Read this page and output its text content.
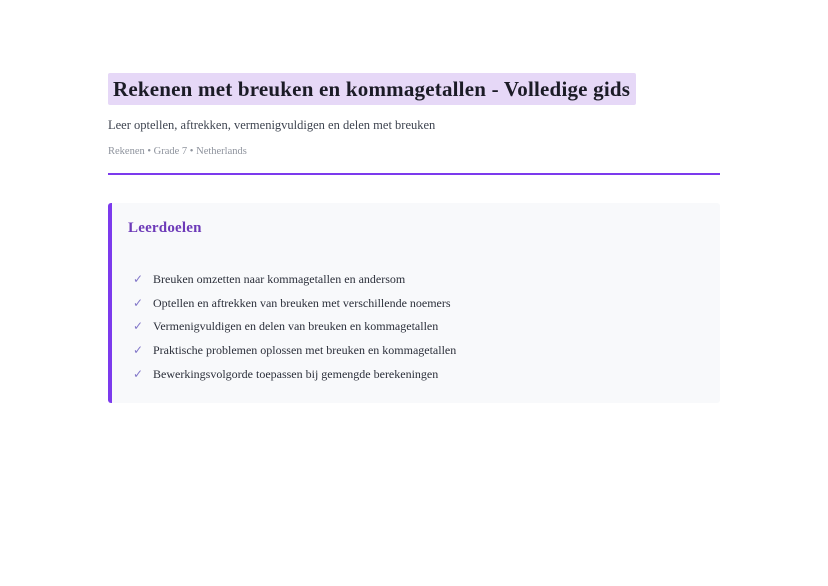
Rekenen met breuken en kommagetallen - Volledige gids

Leer optellen, aftrekken, vermenigvuldigen en delen met breuken

Rekenen • Grade 7 • Netherlands

Leerdoelen
✓ Breuken omzetten naar kommagetallen en andersom
✓ Optellen en aftrekken van breuken met verschillende noemers
✓ Vermenigvuldigen en delen van breuken en kommagetallen
✓ Praktische problemen oplossen met breuken en kommagetallen
✓ Bewerkingsvolgorde toepassen bij gemengde berekeningen
